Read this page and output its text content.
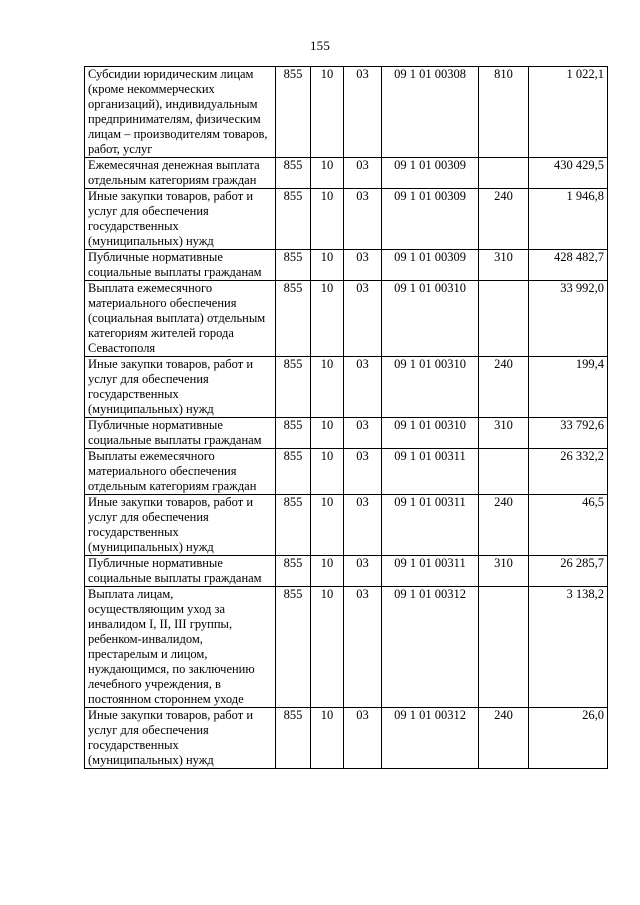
155
Субсидии юридическим лицам (кроме некоммерческих организаций), индивидуальным предпринимателям, физическим лицам – производителям товаров, работ, услуг	855	10	03	09 1 01 00308	810	1 022,1
Ежемесячная денежная выплата отдельным категориям граждан	855	10	03	09 1 01 00309		430 429,5
Иные закупки товаров, работ и услуг для обеспечения государственных (муниципальных) нужд	855	10	03	09 1 01 00309	240	1 946,8
Публичные нормативные социальные выплаты гражданам	855	10	03	09 1 01 00309	310	428 482,7
Выплата ежемесячного материального обеспечения (социальная выплата) отдельным категориям жителей города Севастополя	855	10	03	09 1 01 00310		33 992,0
Иные закупки товаров, работ и услуг для обеспечения государственных (муниципальных) нужд	855	10	03	09 1 01 00310	240	199,4
Публичные нормативные социальные выплаты гражданам	855	10	03	09 1 01 00310	310	33 792,6
Выплаты ежемесячного материального обеспечения отдельным категориям граждан	855	10	03	09 1 01 00311		26 332,2
Иные закупки товаров, работ и услуг для обеспечения государственных (муниципальных) нужд	855	10	03	09 1 01 00311	240	46,5
Публичные нормативные социальные выплаты гражданам	855	10	03	09 1 01 00311	310	26 285,7
Выплата лицам, осуществляющим уход за инвалидом I, II, III группы, ребенком-инвалидом, престарелым и лицом, нуждающимся, по заключению лечебного учреждения, в постоянном стороннем уходе	855	10	03	09 1 01 00312		3 138,2
Иные закупки товаров, работ и услуг для обеспечения государственных (муниципальных) нужд	855	10	03	09 1 01 00312	240	26,0
